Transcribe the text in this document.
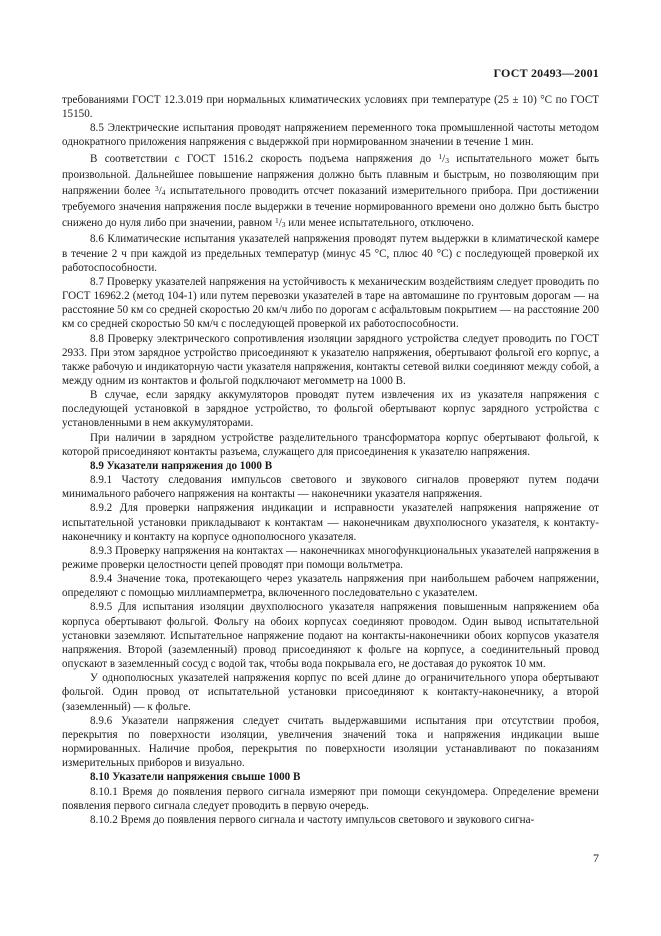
ГОСТ 20493—2001

требованиями ГОСТ 12.3.019 при нормальных климатических условиях при температуре (25 ± 10) °С по ГОСТ 15150.

8.5 Электрические испытания проводят напряжением переменного тока промышленной частоты методом однократного приложения напряжения с выдержкой при нормированном значении в течение 1 мин.

В соответствии с ГОСТ 1516.2 скорость подъема напряжения до $^1$/3 испытательного может быть произвольной. Дальнейшее повышение напряжения должно быть плавным и быстрым, но позволяющим при напряжении более $^3$/4 испытательного проводить отсчет показаний измерительного прибора. При достижении требуемого значения напряжения после выдержки в течение нормированного времени оно должно быть быстро снижено до нуля либо при значении, равном $^1$/3 или менее испытательного, отключено.

8.6 Климатические испытания указателей напряжения проводят путем выдержки в климатической камере в течение 2 ч при каждой из предельных температур (минус 45 °С, плюс 40 °С) с последующей проверкой их работоспособности.

8.7 Проверку указателей напряжения на устойчивость к механическим воздействиям следует проводить по ГОСТ 16962.2 (метод 104-1) или путем перевозки указателей в таре на автомашине по грунтовым дорогам — на расстояние 50 км со средней скоростью 20 км/ч либо по дорогам с асфальтовым покрытием — на расстояние 200 км со средней скоростью 50 км/ч с последующей проверкой их работоспособности.

8.8 Проверку электрического сопротивления изоляции зарядного устройства следует проводить по ГОСТ 2933. При этом зарядное устройство присоединяют к указателю напряжения, обертывают фольгой его корпус, а также рабочую и индикаторную части указателя напряжения, контакты сетевой вилки соединяют между собой, а между одним из контактов и фольгой подключают мегомметр на 1000 В.

В случае, если зарядку аккумуляторов проводят путем извлечения их из указателя напряжения с последующей установкой в зарядное устройство, то фольгой обертывают корпус зарядного устройства с установленными в нем аккумуляторами.

При наличии в зарядном устройстве разделительного трансформатора корпус обертывают фольгой, к которой присоединяют контакты разъема, служащего для присоединения к указателю напряжения.

8.9 Указатели напряжения до 1000 В

8.9.1 Частоту следования импульсов светового и звукового сигналов проверяют путем подачи минимального рабочего напряжения на контакты — наконечники указателя напряжения.

8.9.2 Для проверки напряжения индикации и исправности указателей напряжения напряжение от испытательной установки прикладывают к контактам — наконечникам двухполюсного указателя, к контакту-наконечнику и контакту на корпусе однополюсного указателя.

8.9.3 Проверку напряжения на контактах — наконечниках многофункциональных указателей напряжения в режиме проверки целостности цепей проводят при помощи вольтметра.

8.9.4 Значение тока, протекающего через указатель напряжения при наибольшем рабочем напряжении, определяют с помощью миллиамперметра, включенного последовательно с указателем.

8.9.5 Для испытания изоляции двухполюсного указателя напряжения повышенным напряжением оба корпуса обертывают фольгой. Фольгу на обоих корпусах соединяют проводом. Один вывод испытательной установки заземляют. Испытательное напряжение подают на контакты-наконечники обоих корпусов указателя напряжения. Второй (заземленный) провод присоединяют к фольге на корпусе, а соединительный провод опускают в заземленный сосуд с водой так, чтобы вода покрывала его, не доставая до рукояток 10 мм.

У однополюсных указателей напряжения корпус по всей длине до ограничительного упора обертывают фольгой. Один провод от испытательной установки присоединяют к контакту-наконечнику, а второй (заземленный) — к фольге.

8.9.6 Указатели напряжения следует считать выдержавшими испытания при отсутствии пробоя, перекрытия по поверхности изоляции, увеличения значений тока и напряжения индикации выше нормированных. Наличие пробоя, перекрытия по поверхности изоляции устанавливают по показаниям измерительных приборов и визуально.

8.10 Указатели напряжения свыше 1000 В

8.10.1 Время до появления первого сигнала измеряют при помощи секундомера. Определение времени появления первого сигнала следует проводить в первую очередь.

8.10.2 Время до появления первого сигнала и частоту импульсов светового и звукового сигна-

7
